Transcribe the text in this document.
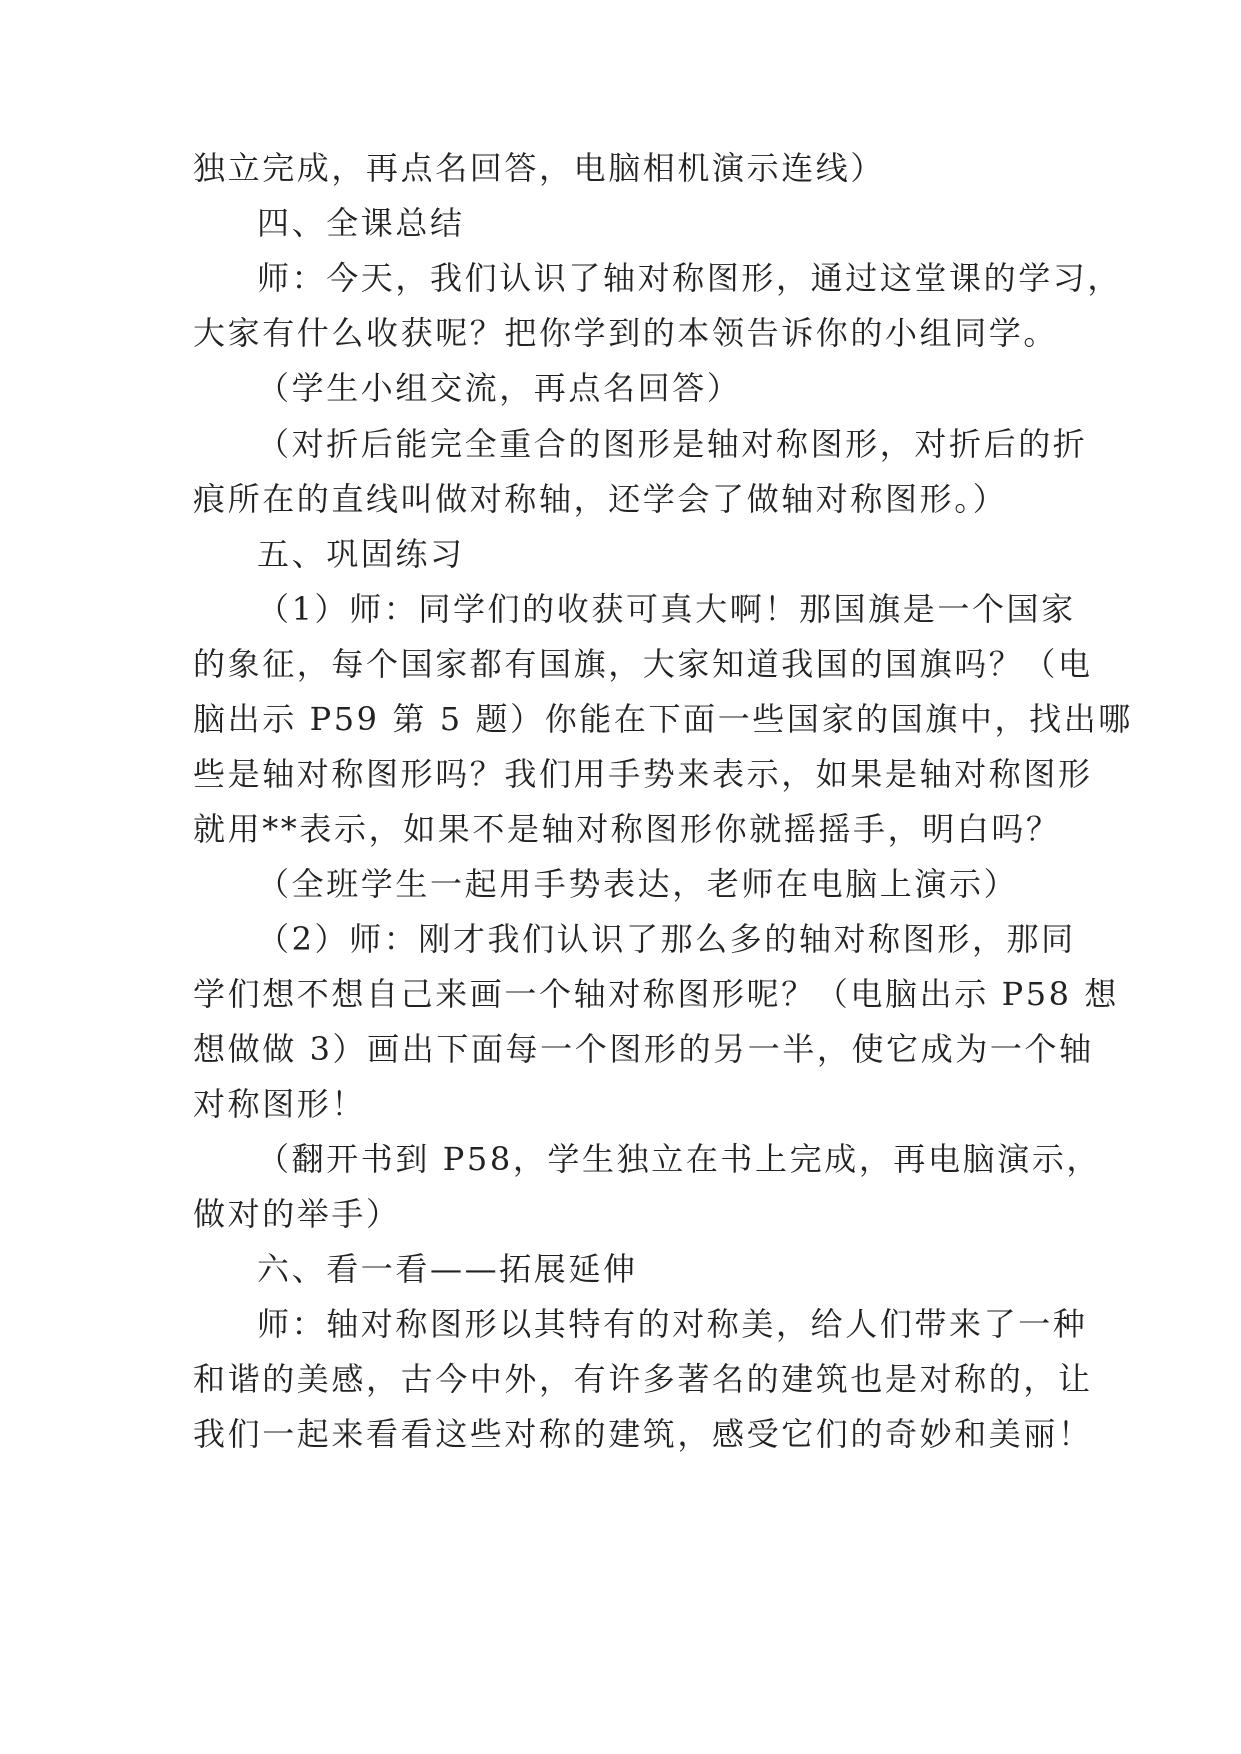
独立完成，再点名回答，电脑相机演示连线）
四、全课总结
师：今天，我们认识了轴对称图形，通过这堂课的学习，
大家有什么收获呢？把你学到的本领告诉你的小组同学。
（学生小组交流，再点名回答）
（对折后能完全重合的图形是轴对称图形，对折后的折
痕所在的直线叫做对称轴，还学会了做轴对称图形。）
五、巩固练习
（1）师：同学们的收获可真大啊！那国旗是一个国家
的象征，每个国家都有国旗，大家知道我国的国旗吗？（电
脑出示 P59 第 5 题）你能在下面一些国家的国旗中，找出哪
些是轴对称图形吗？我们用手势来表示，如果是轴对称图形
就用**表示，如果不是轴对称图形你就摇摇手，明白吗？
（全班学生一起用手势表达，老师在电脑上演示）
（2）师：刚才我们认识了那么多的轴对称图形，那同
学们想不想自己来画一个轴对称图形呢？（电脑出示 P58 想
想做做 3）画出下面每一个图形的另一半，使它成为一个轴
对称图形！
（翻开书到 P58，学生独立在书上完成，再电脑演示，
做对的举手）
六、看一看——拓展延伸
师：轴对称图形以其特有的对称美，给人们带来了一种
和谐的美感，古今中外，有许多著名的建筑也是对称的，让
我们一起来看看这些对称的建筑，感受它们的奇妙和美丽！
